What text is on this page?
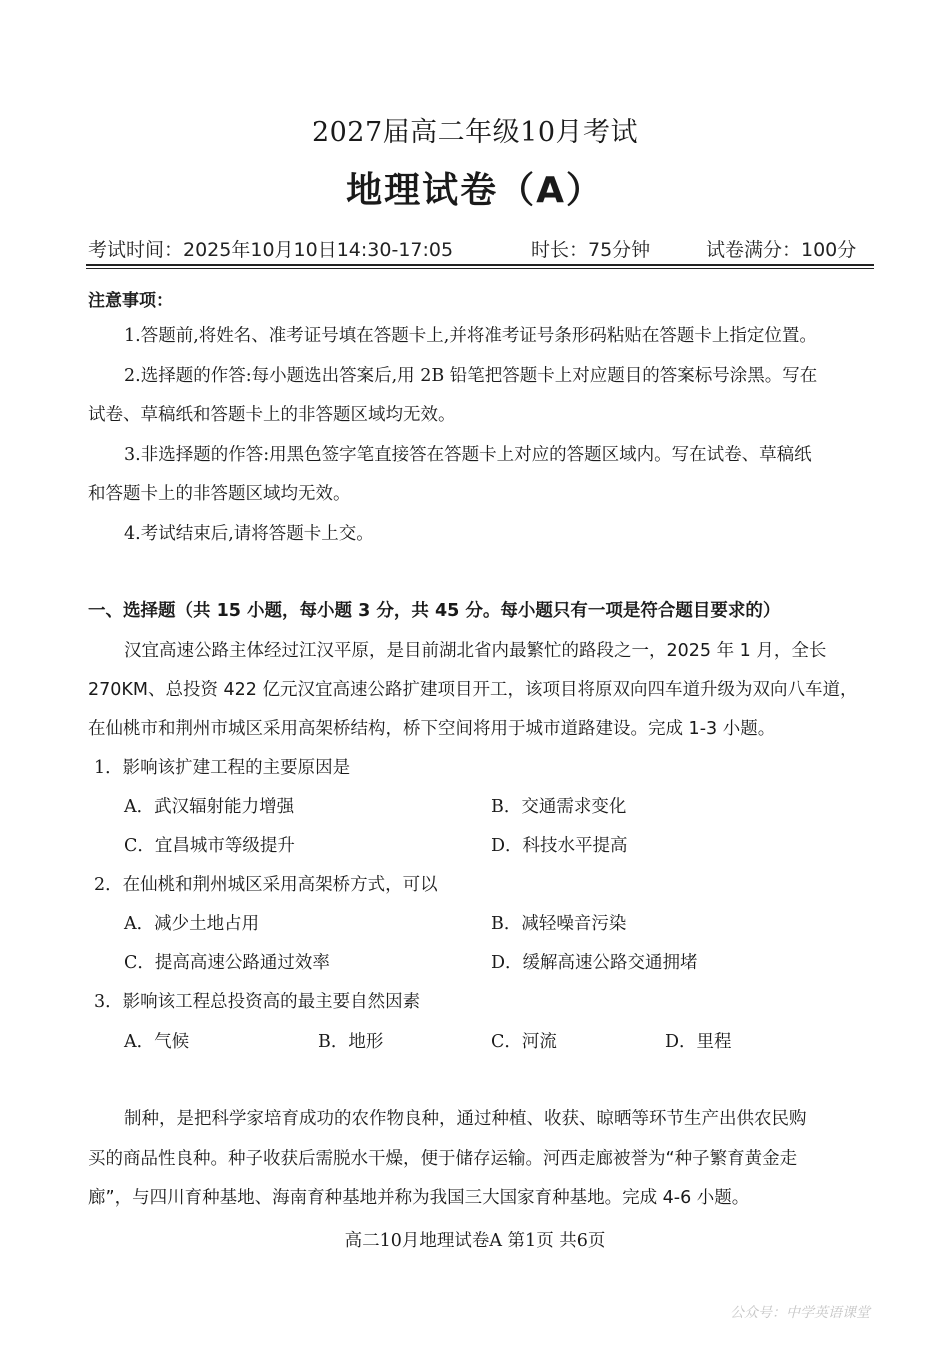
2027届高二年级10月考试
地理试卷（A）
考试时间：2025年10月10日14:30-17:05	时长：75分钟	试卷满分：100分
注意事项：
1.答题前,将姓名、准考证号填在答题卡上,并将准考证号条形码粘贴在答题卡上指定位置。
2.选择题的作答:每小题选出答案后,用 2B 铅笔把答题卡上对应题目的答案标号涂黑。写在
试卷、草稿纸和答题卡上的非答题区域均无效。
3.非选择题的作答:用黑色签字笔直接答在答题卡上对应的答题区域内。写在试卷、草稿纸
和答题卡上的非答题区域均无效。
4.考试结束后,请将答题卡上交。
一、选择题（共 15 小题，每小题 3 分，共 45 分。每小题只有一项是符合题目要求的）
汉宜高速公路主体经过江汉平原，是目前湖北省内最繁忙的路段之一，2025 年 1 月，全长
270KM、总投资 422 亿元汉宜高速公路扩建项目开工，该项目将原双向四车道升级为双向八车道，
在仙桃市和荆州市城区采用高架桥结构，桥下空间将用于城市道路建设。完成 1-3 小题。
1．影响该扩建工程的主要原因是
A．武汉辐射能力增强	B．交通需求变化
C．宜昌城市等级提升	D．科技水平提高
2．在仙桃和荆州城区采用高架桥方式，可以
A．减少土地占用	B．减轻噪音污染
C．提高高速公路通过效率	D．缓解高速公路交通拥堵
3．影响该工程总投资高的最主要自然因素
A．气候	B．地形	C．河流	D．里程
制种，是把科学家培育成功的农作物良种，通过种植、收获、晾晒等环节生产出供农民购
买的商品性良种。种子收获后需脱水干燥，便于储存运输。河西走廊被誉为“种子繁育黄金走
廊”，与四川育种基地、海南育种基地并称为我国三大国家育种基地。完成 4-6 小题。
高二10月地理试卷A 第1页 共6页
公众号：中学英语课堂
